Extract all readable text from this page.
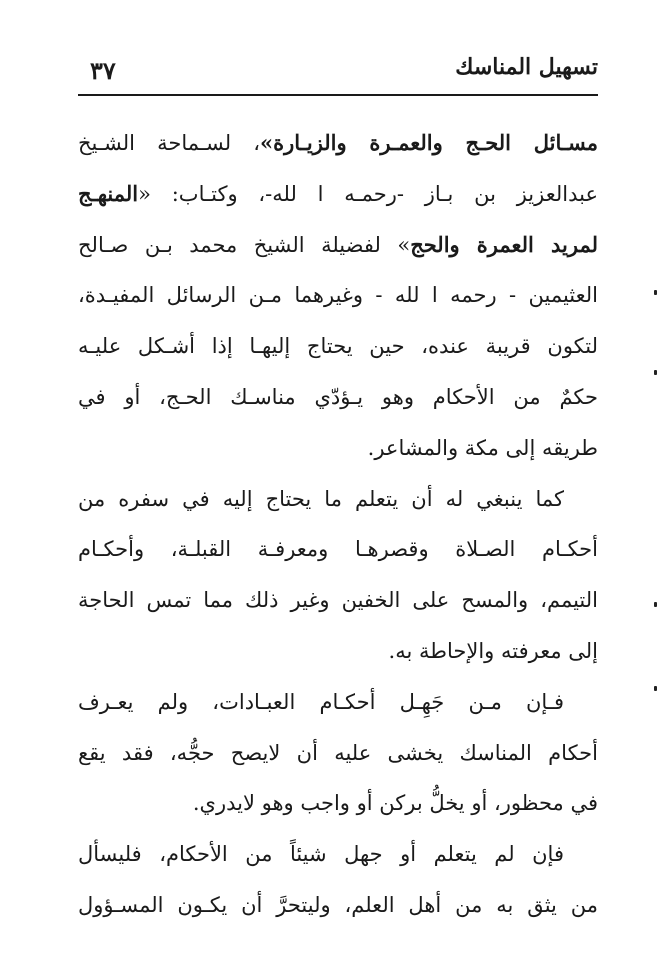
تسهيل المناسك
٣٧
مسـائل الحـج والعمـرة والزيـارة»، لسـماحة الشـيخ
عبدالعزيز بن بـاز -رحمـه ا لله-، وكتـاب: «المنهـج
لمريد العمرة والحج» لفضيلة الشيخ محمد بـن صـالح
العثيمين - رحمه ا لله - وغيرهما مـن الرسائل المفيـدة،
لتكون قريبة عنده، حين يحتاج إليهـا إذا أشـكل عليـه
حكمٌ من الأحكام وهو يـؤدّي مناسـك الحـج، أو في
طريقه إلى مكة والمشاعر.
كما ينبغي له أن يتعلم ما يحتاج إليه في سفره من
أحكـام الصـلاة وقصرهـا ومعرفـة القبلـة، وأحكـام
التيمم، والمسح على الخفين وغير ذلك مما تمس الحاجة
إلى معرفته والإحاطة به.
فـإن مـن جَهِـل أحكـام العبـادات، ولم يعـرف
أحكام المناسك يخشى عليه أن لايصح حجُّه، فقد يقع
في محظور، أو يخلُّ بركن أو واجب وهو لايدري.
فإن لم يتعلم أو جهل شيئاً من الأحكام، فليسأل
من يثق به من أهل العلم، وليتحرَّ أن يكـون المسـؤول
